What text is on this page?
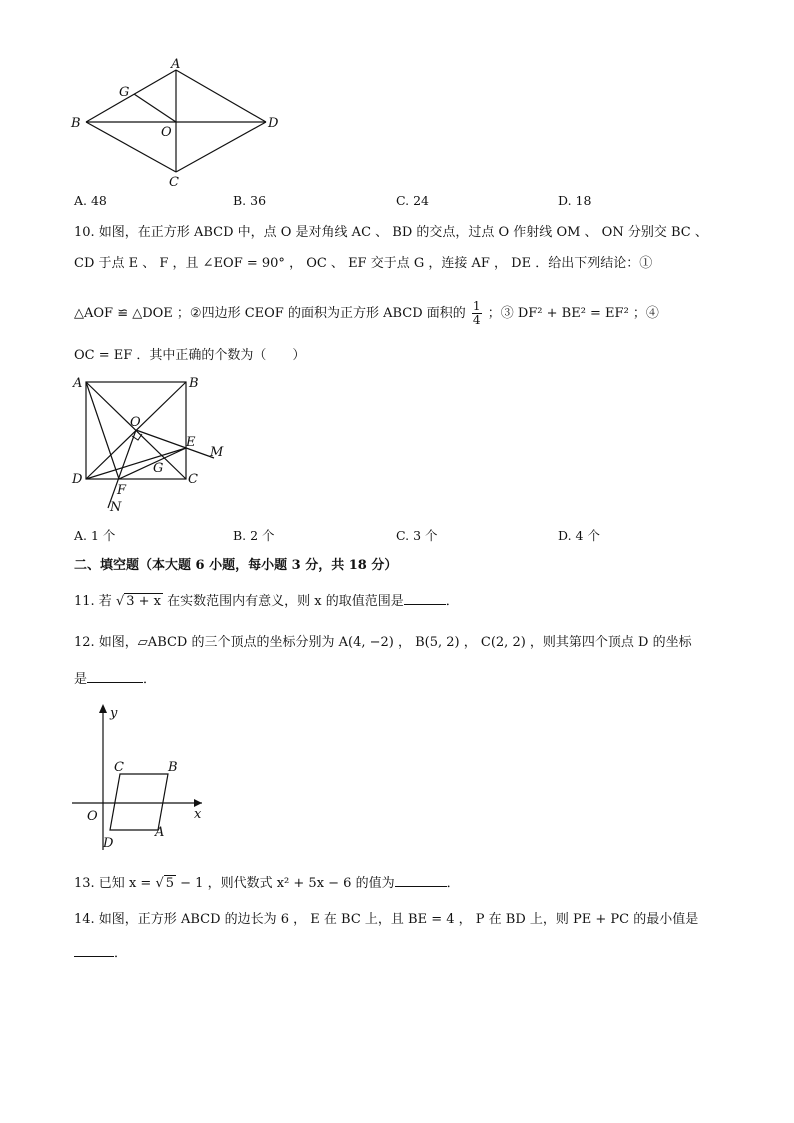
A
G
B
O
D
C
A. 48	B. 36	C. 24	D. 18
10. 如图，在正方形 ABCD 中，点 O 是对角线 AC 、 BD 的交点，过点 O 作射线 OM 、 ON 分别交 BC 、
CD 于点 E 、 F ，且 ∠EOF = 90° ， OC 、 EF 交于点 G ，连接 AF ， DE ．给出下列结论：①
△AOF ≌ △DOE ；②四边形 CEOF 的面积为正方形 ABCD 面积的 $\frac{1}{4}$ ；③ DF² + BE² = EF² ；④
OC = EF ．其中正确的个数为（　　）
A	B
O
E
M
G
D	C
F
N
A. 1 个	B. 2 个	C. 3 个	D. 4 个
二、填空题（本大题 6 小题，每小题 3 分，共 18 分）
11. 若 √ 3 + x 在实数范围内有意义，则 x 的取值范围是	．
12. 如图，▱ABCD 的三个顶点的坐标分别为 A(4, −2) ， B(5, 2) ， C(2, 2) ，则其第四个顶点 D 的坐标
是	．
y
x
O
C	B
A
D
13. 已知 x = √ 5 − 1 ，则代数式 x² + 5x − 6 的值为	．
14. 如图，正方形 ABCD 的边长为 6 ， E 在 BC 上，且 BE = 4 ， P 在 BD 上，则 PE + PC 的最小值是
．
